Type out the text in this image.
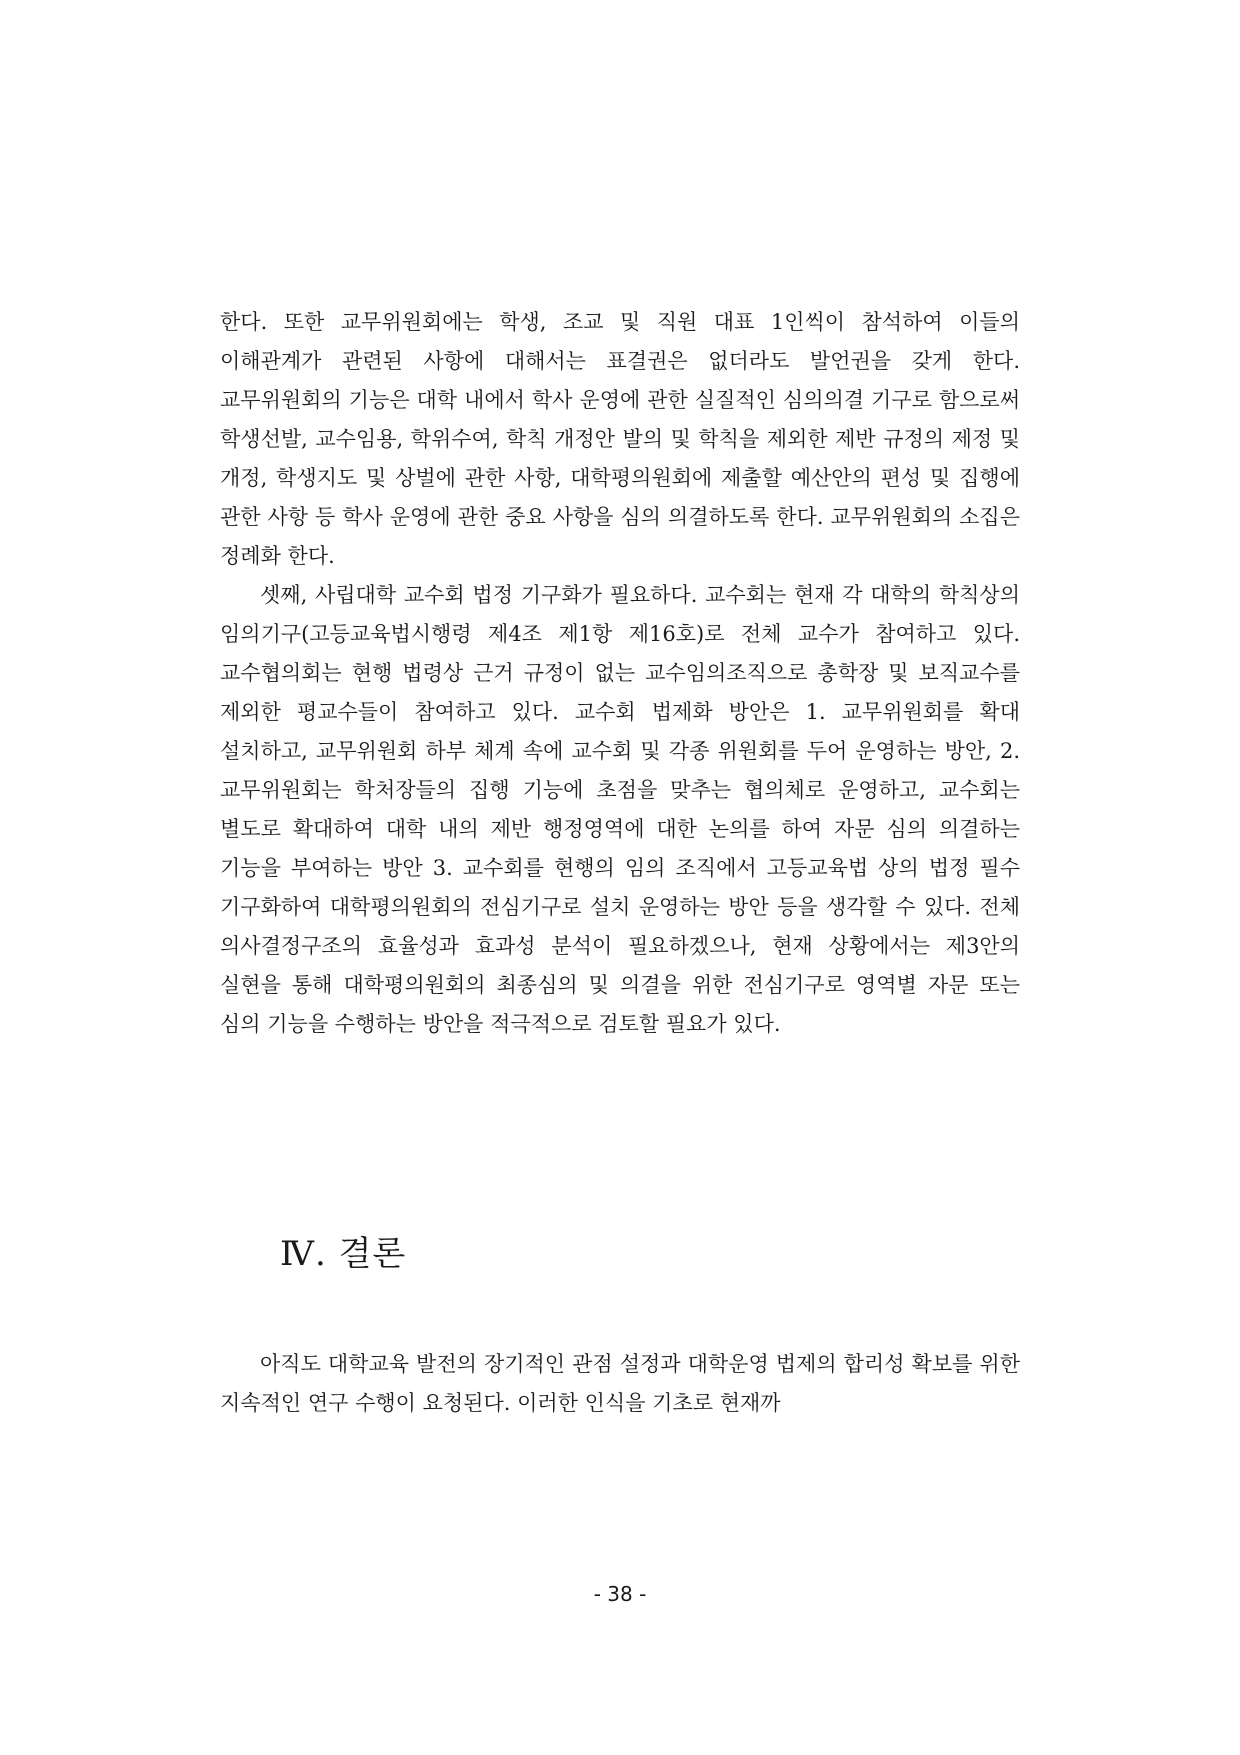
한다. 또한 교무위원회에는 학생, 조교 및 직원 대표 1인씩이 참석하여 이들의 이해관계가 관련된 사항에 대해서는 표결권은 없더라도 발언권을 갖게 한다. 교무위원회의 기능은 대학 내에서 학사 운영에 관한 실질적인 심의의결 기구로 함으로써 학생선발, 교수임용, 학위수여, 학칙 개정안 발의 및 학칙을 제외한 제반 규정의 제정 및 개정, 학생지도 및 상벌에 관한 사항, 대학평의원회에 제출할 예산안의 편성 및 집행에 관한 사항 등 학사 운영에 관한 중요 사항을 심의 의결하도록 한다. 교무위원회의 소집은 정례화 한다.

셋째, 사립대학 교수회 법정 기구화가 필요하다. 교수회는 현재 각 대학의 학칙상의 임의기구(고등교육법시행령 제4조 제1항 제16호)로 전체 교수가 참여하고 있다. 교수협의회는 현행 법령상 근거 규정이 없는 교수임의조직으로 총학장 및 보직교수를 제외한 평교수들이 참여하고 있다. 교수회 법제화 방안은 1. 교무위원회를 확대 설치하고, 교무위원회 하부 체계 속에 교수회 및 각종 위원회를 두어 운영하는 방안, 2. 교무위원회는 학처장들의 집행 기능에 초점을 맞추는 협의체로 운영하고, 교수회는 별도로 확대하여 대학 내의 제반 행정영역에 대한 논의를 하여 자문 심의 의결하는 기능을 부여하는 방안 3. 교수회를 현행의 임의 조직에서 고등교육법 상의 법정 필수 기구화하여 대학평의원회의 전심기구로 설치 운영하는 방안 등을 생각할 수 있다. 전체 의사결정구조의 효율성과 효과성 분석이 필요하겠으나, 현재 상황에서는 제3안의 실현을 통해 대학평의원회의 최종심의 및 의결을 위한 전심기구로 영역별 자문 또는 심의 기능을 수행하는 방안을 적극적으로 검토할 필요가 있다.

Ⅳ. 결론

아직도 대학교육 발전의 장기적인 관점 설정과 대학운영 법제의 합리성 확보를 위한 지속적인 연구 수행이 요청된다. 이러한 인식을 기초로 현재까

- 38 -
